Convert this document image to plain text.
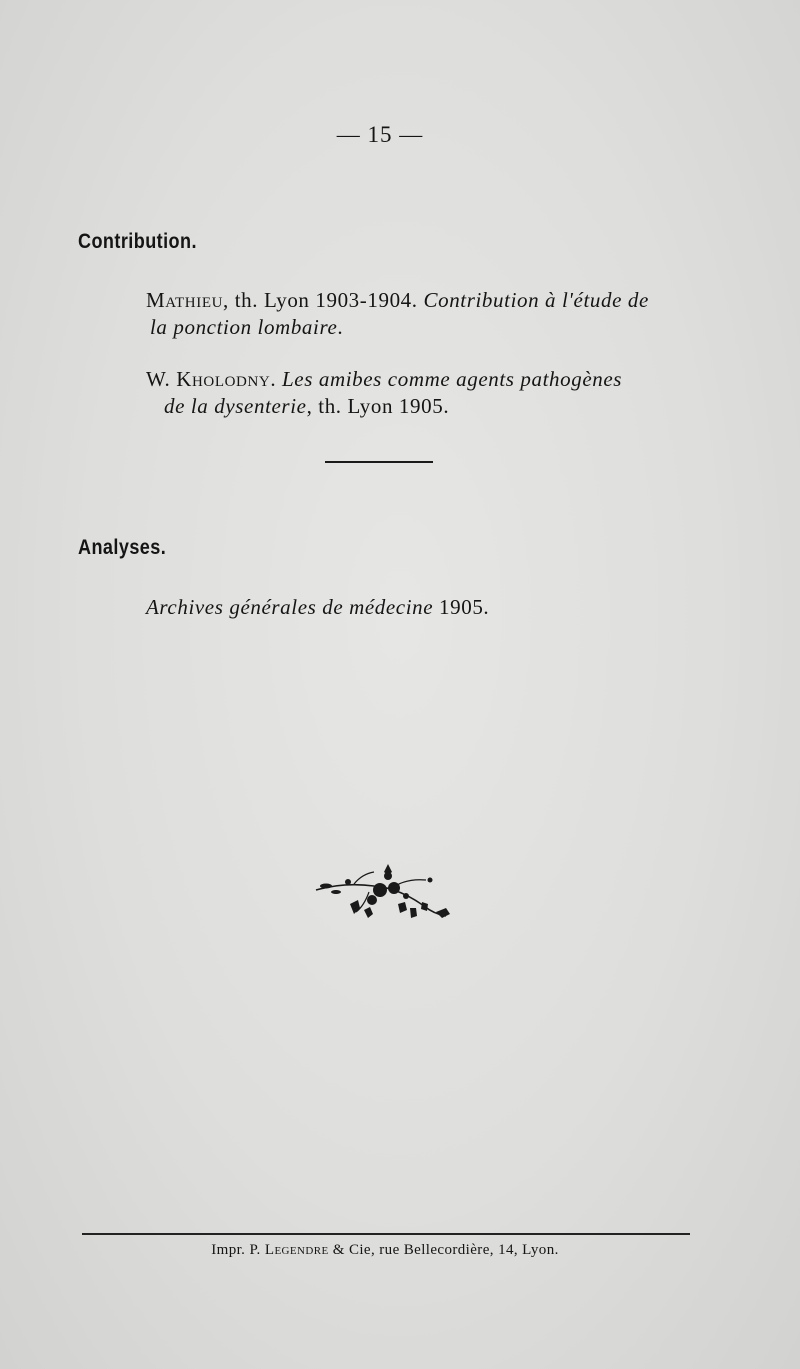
— 15 —
Contribution.
Mathieu, th. Lyon 1903-1904. Contribution à l'étude de
la ponction lombaire.
W. Kholodny. Les amibes comme agents pathogènes
de la dysenterie, th. Lyon 1905.
Analyses.
Archives générales de médecine 1905.
Impr. P. Legendre & Cie, rue Bellecordière, 14, Lyon.
